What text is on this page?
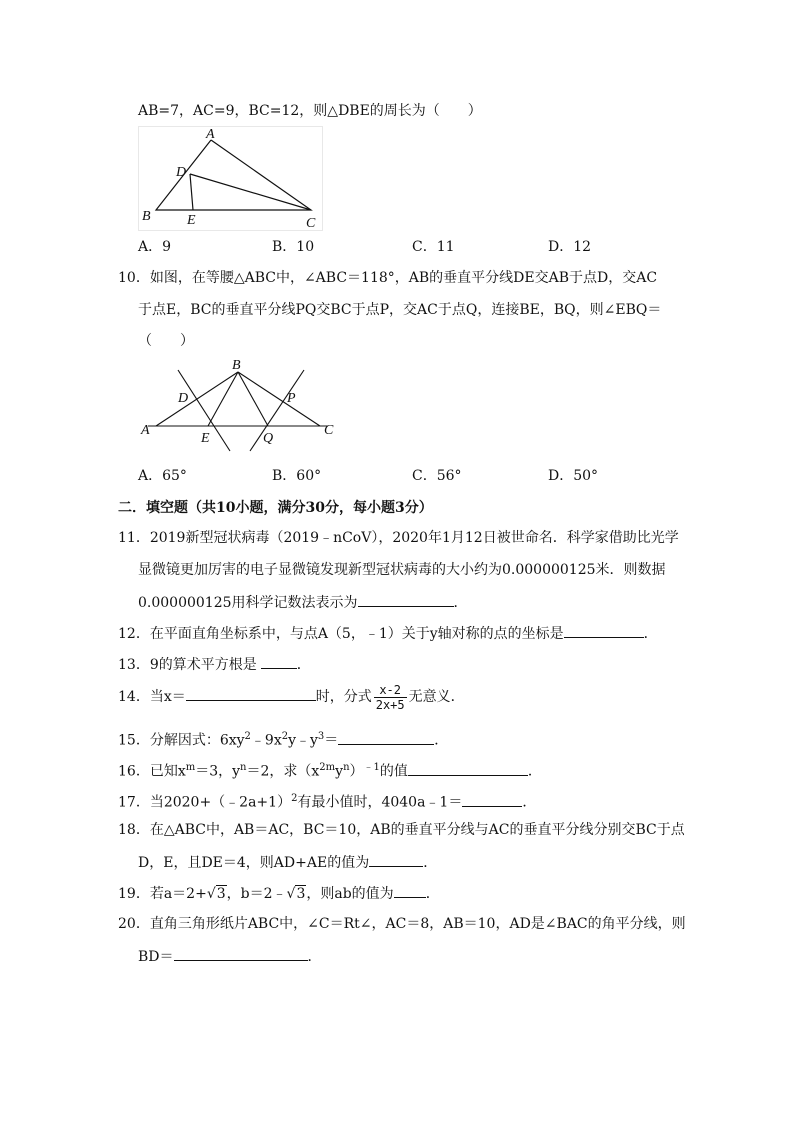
AB=7，AC=9，BC=12，则△DBE的周长为（　　）
A
D
B	E	C
A．9	B．10	C．11	D．12
10．如图，在等腰△ABC中，∠ABC＝118°，AB的垂直平分线DE交AB于点D，交AC
于点E，BC的垂直平分线PQ交BC于点P，交AC于点Q，连接BE，BQ，则∠EBQ＝
（　　）
B
D	P
A
E	Q
C
A．65°	B．60°	C．56°	D．50°
二．填空题（共10小题，满分30分，每小题3分）
11．2019新型冠状病毒（2019﹣nCoV），2020年1月12日被世命名．科学家借助比光学
显微镜更加厉害的电子显微镜发现新型冠状病毒的大小约为0.000000125米．则数据
0.000000125用科学记数法表示为	．
12．在平面直角坐标系中，与点A（5，﹣1）关于y轴对称的点的坐标是	．
13．9的算术平方根是	．
14．当x＝	时，分式 $\frac{x-2}{2x+5}$ 无意义．
15．分解因式：$6xy^2﹣9x^2y﹣y^3=$	．
16．已知$x^m=3$，$y^n=2$，求$(x^{2m}y^n)^{﹣1}$的值	．
17．当2020+（﹣2a+1）$^2$有最小值时，4040a﹣1＝	．
18．在△ABC中，AB＝AC，BC＝10，AB的垂直平分线与AC的垂直平分线分别交BC于点
D，E，且DE＝4，则AD+AE的值为	．
19．若a＝2+√3，b＝2﹣√3，则ab的值为 ．
20．直角三角形纸片ABC中，∠C＝Rt∠，AC＝8，AB＝10，AD是∠BAC的角平分线，则
BD＝	．
